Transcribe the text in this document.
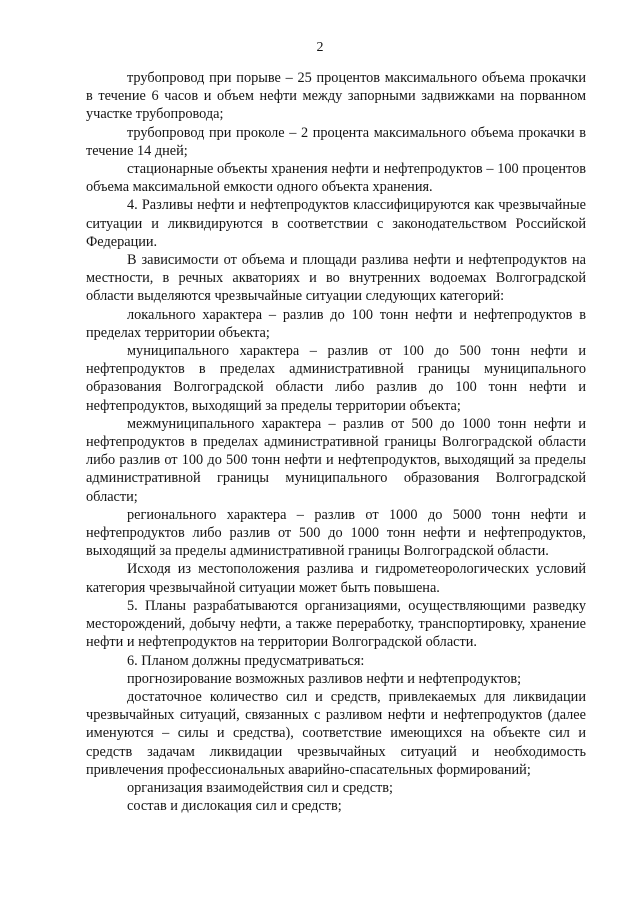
2

трубопровод при порыве – 25 процентов максимального объема прокачки в течение 6 часов и объем нефти между запорными задвижками на порванном участке трубопровода;

трубопровод при проколе – 2 процента максимального объема прокачки в течение 14 дней;

стационарные объекты хранения нефти и нефтепродуктов – 100 процентов объема максимальной емкости одного объекта хранения.

4. Разливы нефти и нефтепродуктов классифицируются как чрезвычайные ситуации и ликвидируются в соответствии с законодательством Российской Федерации.

В зависимости от объема и площади разлива нефти и нефтепродуктов на местности, в речных акваториях и во внутренних водоемах Волгоградской области выделяются чрезвычайные ситуации следующих категорий:

локального характера – разлив до 100 тонн нефти и нефтепродуктов в пределах территории объекта;

муниципального характера – разлив от 100 до 500 тонн нефти и нефтепродуктов в пределах административной границы муниципального образования Волгоградской области либо разлив до 100 тонн нефти и нефтепродуктов, выходящий за пределы территории объекта;

межмуниципального характера – разлив от 500 до 1000 тонн нефти и нефтепродуктов в пределах административной границы Волгоградской области либо разлив от 100 до 500 тонн нефти и нефтепродуктов, выходящий за пределы административной границы муниципального образования Волгоградской области;

регионального характера – разлив от 1000 до 5000 тонн нефти и нефтепродуктов либо разлив от 500 до 1000 тонн нефти и нефтепродуктов, выходящий за пределы административной границы Волгоградской области.

Исходя из местоположения разлива и гидрометеорологических условий категория чрезвычайной ситуации может быть повышена.

5. Планы разрабатываются организациями, осуществляющими разведку месторождений, добычу нефти, а также переработку, транспортировку, хранение нефти и нефтепродуктов на территории Волгоградской области.

6. Планом должны предусматриваться:

прогнозирование возможных разливов нефти и нефтепродуктов;

достаточное количество сил и средств, привлекаемых для ликвидации чрезвычайных ситуаций, связанных с разливом нефти и нефтепродуктов (далее именуются – силы и средства), соответствие имеющихся на объекте сил и средств задачам ликвидации чрезвычайных ситуаций и необходимость привлечения профессиональных аварийно-спасательных формирований;

организация взаимодействия сил и средств;

состав и дислокация сил и средств;
